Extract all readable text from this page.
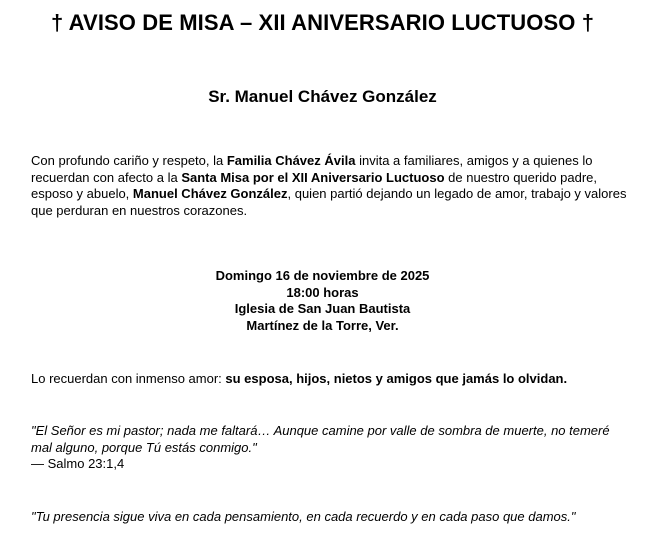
† AVISO DE MISA – XII ANIVERSARIO LUCTUOSO †
Sr. Manuel Chávez González
Con profundo cariño y respeto, la Familia Chávez Ávila invita a familiares, amigos y a quienes lo recuerdan con afecto a la Santa Misa por el XII Aniversario Luctuoso de nuestro querido padre, esposo y abuelo, Manuel Chávez González, quien partió dejando un legado de amor, trabajo y valores que perduran en nuestros corazones.
Domingo 16 de noviembre de 2025
18:00 horas
Iglesia de San Juan Bautista
Martínez de la Torre, Ver.
Lo recuerdan con inmenso amor: su esposa, hijos, nietos y amigos que jamás lo olvidan.
"El Señor es mi pastor; nada me faltará… Aunque camine por valle de sombra de muerte, no temeré mal alguno, porque Tú estás conmigo."
— Salmo 23:1,4
"Tu presencia sigue viva en cada pensamiento, en cada recuerdo y en cada paso que damos."
